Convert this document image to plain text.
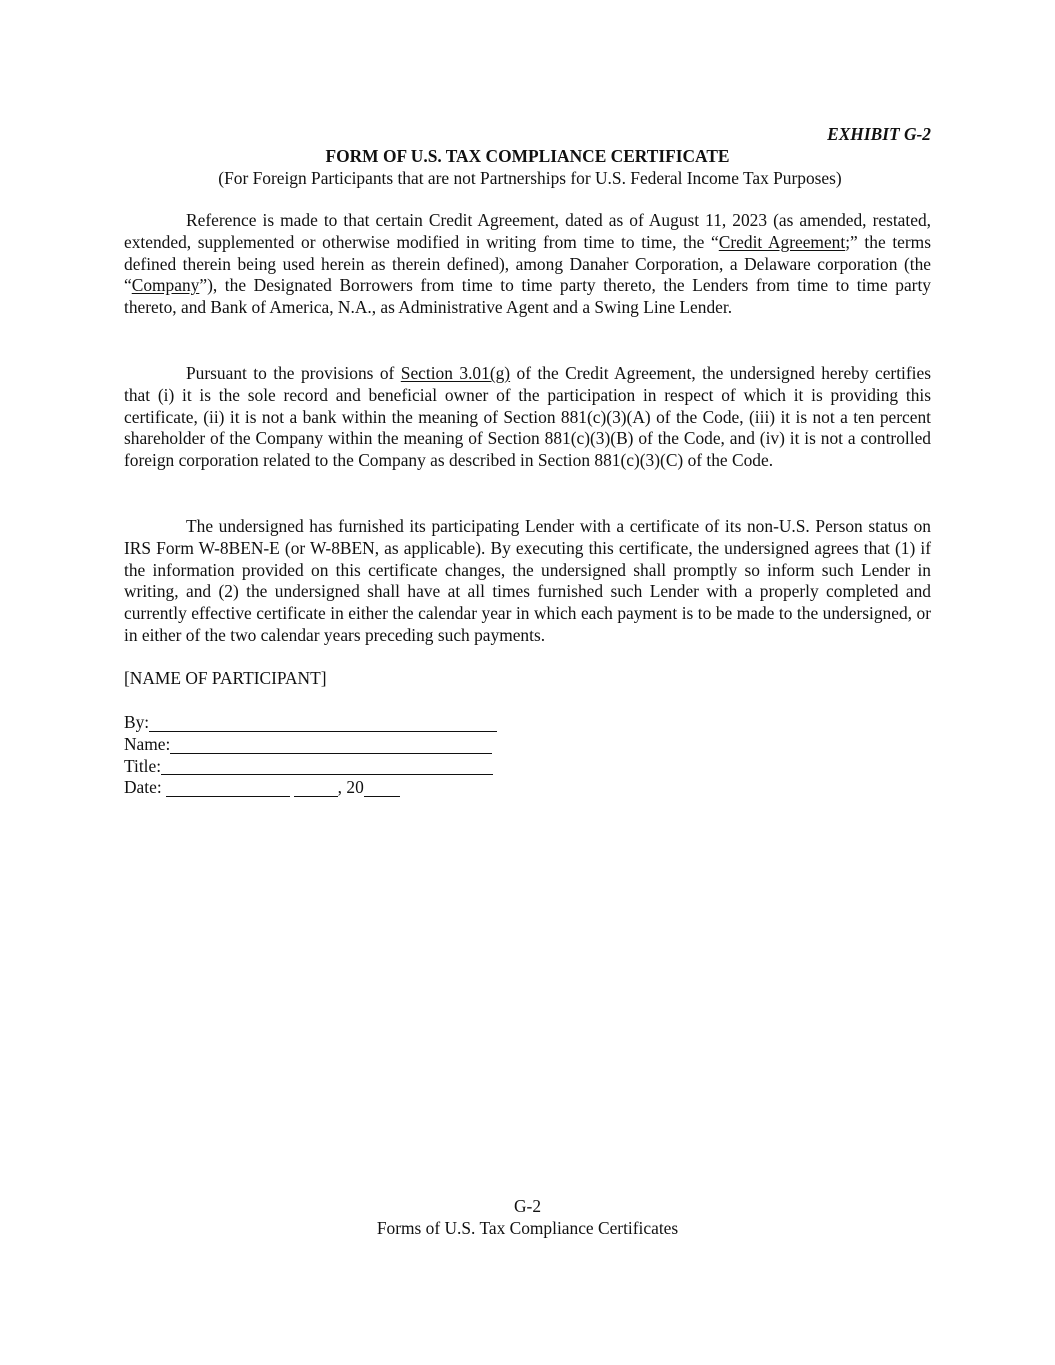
EXHIBIT G-2

FORM OF U.S. TAX COMPLIANCE CERTIFICATE

(For Foreign Participants that are not Partnerships for U.S. Federal Income Tax Purposes)

Reference is made to that certain Credit Agreement, dated as of August 11, 2023 (as amended, restated, extended, supplemented or otherwise modified in writing from time to time, the “Credit Agreement;” the terms defined therein being used herein as therein defined), among Danaher Corporation, a Delaware corporation (the “Company”), the Designated Borrowers from time to time party thereto, the Lenders from time to time party thereto, and Bank of America, N.A., as Administrative Agent and a Swing Line Lender.

Pursuant to the provisions of Section 3.01(g) of the Credit Agreement, the undersigned hereby certifies that (i) it is the sole record and beneficial owner of the participation in respect of which it is providing this certificate, (ii) it is not a bank within the meaning of Section 881(c)(3)(A) of the Code, (iii) it is not a ten percent shareholder of the Company within the meaning of Section 881(c)(3)(B) of the Code, and (iv) it is not a controlled foreign corporation related to the Company as described in Section 881(c)(3)(C) of the Code.

The undersigned has furnished its participating Lender with a certificate of its non-U.S. Person status on IRS Form W-8BEN-E (or W-8BEN, as applicable). By executing this certificate, the undersigned agrees that (1) if the information provided on this certificate changes, the undersigned shall promptly so inform such Lender in writing, and (2) the undersigned shall have at all times furnished such Lender with a properly completed and currently effective certificate in either the calendar year in which each payment is to be made to the undersigned, or in either of the two calendar years preceding such payments.

[NAME OF PARTICIPANT]

By:
Name:
Title:
Date:	, 20

G-2

Forms of U.S. Tax Compliance Certificates
